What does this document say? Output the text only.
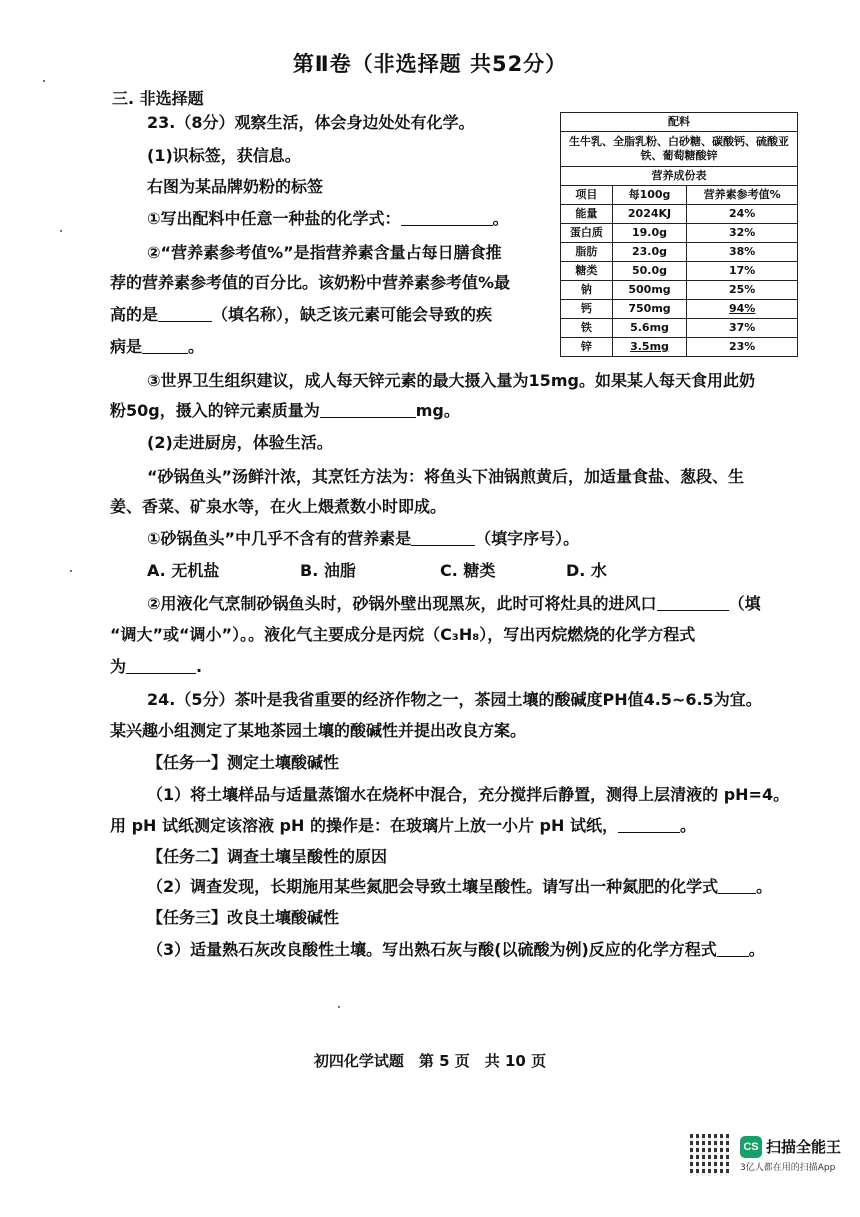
第Ⅱ卷（非选择题 共52分）
三. 非选择题
23.（8分）观察生活，体会身边处处有化学。
(1)识标签，获信息。
右图为某品牌奶粉的标签
①写出配料中任意一种盐的化学式：	。
②“营养素参考值%”是指营养素含量占每日膳食推
荐的营养素参考值的百分比。该奶粉中营养素参考值%最
高的是	（填名称），缺乏该元素可能会导致的疾
病是	。
配料		
生牛乳、全脂乳粉、白砂糖、碳酸钙、硫酸亚铁、葡萄糖酸锌		
营养成份表		
项目	每100g	营养素参考值%
能量	2024KJ	24%
蛋白质	19.0g	32%
脂肪	23.0g	38%
糖类	50.0g	17%
钠	500mg	25%
钙	750mg	94%
铁	5.6mg	37%
锌	3.5mg	23%
③世界卫生组织建议，成人每天锌元素的最大摄入量为15mg。如果某人每天食用此奶
粉50g，摄入的锌元素质量为	mg。
(2)走进厨房，体验生活。
“砂锅鱼头”汤鲜汁浓，其烹饪方法为：将鱼头下油锅煎黄后，加适量食盐、葱段、生
姜、香菜、矿泉水等，在火上煨煮数小时即成。
①砂锅鱼头”中几乎不含有的营养素是	（填字序号）。
A. 无机盐	B. 油脂	C. 糖类	D. 水
②用液化气烹制砂锅鱼头时，砂锅外壁出现黑灰，此时可将灶具的进风口	（填
“调大”或“调小”）。。液化气主要成分是丙烷（C₃H₈），写出丙烷燃烧的化学方程式
为	.
24.（5分）茶叶是我省重要的经济作物之一，茶园土壤的酸碱度PH值4.5~6.5为宜。
某兴趣小组测定了某地茶园土壤的酸碱性并提出改良方案。
【任务一】测定土壤酸碱性
（1）将土壤样品与适量蒸馏水在烧杯中混合，充分搅拌后静置，测得上层清液的 pH=4。
用 pH 试纸测定该溶液 pH 的操作是：在玻璃片上放一小片 pH 试纸，	。
【任务二】调查土壤呈酸性的原因
（2）调查发现，长期施用某些氮肥会导致土壤呈酸性。请写出一种氮肥的化学式 。
【任务三】改良土壤酸碱性
（3）适量熟石灰改良酸性土壤。写出熟石灰与酸(以硫酸为例)反应的化学方程式 。
初四化学试题　第 5 页　共 10 页
CS 扫描全能王
3亿人都在用的扫描App
